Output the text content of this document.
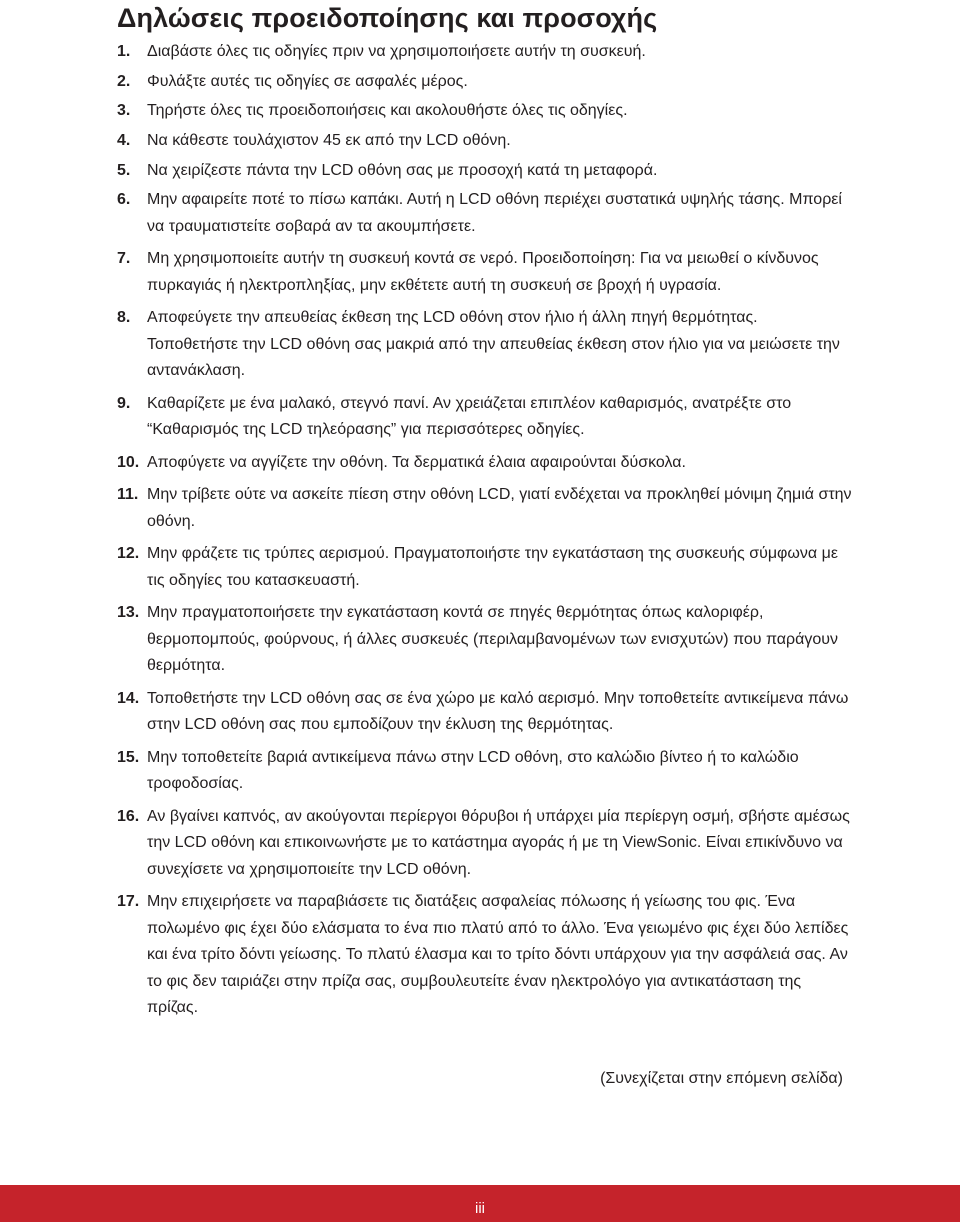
Δηλώσεις προειδοποίησης και προσοχής
1.	Διαβάστε όλες τις οδηγίες πριν να χρησιμοποιήσετε αυτήν τη συσκευή.
2.	Φυλάξτε αυτές τις οδηγίες σε ασφαλές μέρος.
3.	Τηρήστε όλες τις προειδοποιήσεις και ακολουθήστε όλες τις οδηγίες.
4.	Να κάθεστε τουλάχιστον 45 εκ από την LCD οθόνη.
5.	Να χειρίζεστε πάντα την LCD οθόνη σας με προσοχή κατά τη μεταφορά.
6.	Μην αφαιρείτε ποτέ το πίσω καπάκι. Αυτή η LCD οθόνη περιέχει συστατικά υψηλής τάσης. Μπορεί να τραυματιστείτε σοβαρά αν τα ακουμπήσετε.
7.	Μη χρησιμοποιείτε αυτήν τη συσκευή κοντά σε νερό. Προειδοποίηση: Για να μειωθεί ο κίνδυνος πυρκαγιάς ή ηλεκτροπληξίας, μην εκθέτετε αυτή τη συσκευή σε βροχή ή υγρασία.
8.	Αποφεύγετε την απευθείας έκθεση της LCD οθόνη στον ήλιο ή άλλη πηγή θερμότητας. Τοποθετήστε την LCD οθόνη σας μακριά από την απευθείας έκθεση στον ήλιο για να μειώσετε την αντανάκλαση.
9.	Καθαρίζετε με ένα μαλακό, στεγνό πανί. Αν χρειάζεται επιπλέον καθαρισμός, ανατρέξτε στο “Καθαρισμός της LCD τηλεόρασης” για περισσότερες οδηγίες.
10. Αποφύγετε να αγγίζετε την οθόνη. Τα δερματικά έλαια αφαιρούνται δύσκολα.
11. Μην τρίβετε ούτε να ασκείτε πίεση στην οθόνη LCD, γιατί ενδέχεται να προκληθεί μόνιμη ζημιά στην οθόνη.
12. Μην φράζετε τις τρύπες αερισμού. Πραγματοποιήστε την εγκατάσταση της συσκευής σύμφωνα με τις οδηγίες του κατασκευαστή.
13. Μην πραγματοποιήσετε την εγκατάσταση κοντά σε πηγές θερμότητας όπως καλοριφέρ, θερμοπομπούς, φούρνους, ή άλλες συσκευές (περιλαμβανομένων των ενισχυτών) που παράγουν θερμότητα.
14. Τοποθετήστε την LCD οθόνη σας σε ένα χώρο με καλό αερισμό. Μην τοποθετείτε αντικείμενα πάνω στην LCD οθόνη σας που εμποδίζουν την έκλυση της θερμότητας.
15. Μην τοποθετείτε βαριά αντικείμενα πάνω στην LCD οθόνη, στο καλώδιο βίντεο ή το καλώδιο τροφοδοσίας.
16. Αν βγαίνει καπνός, αν ακούγονται περίεργοι θόρυβοι ή υπάρχει μία περίεργη οσμή, σβήστε αμέσως την LCD οθόνη και επικοινωνήστε με το κατάστημα αγοράς ή με τη ViewSonic. Είναι επικίνδυνο να συνεχίσετε να χρησιμοποιείτε την LCD οθόνη.
17. Μην επιχειρήσετε να παραβιάσετε τις διατάξεις ασφαλείας πόλωσης ή γείωσης του φις. Ένα πολωμένο φις έχει δύο ελάσματα το ένα πιο πλατύ από το άλλο. Ένα γειωμένο φις έχει δύο λεπίδες και ένα τρίτο δόντι γείωσης. Το πλατύ έλασμα και το τρίτο δόντι υπάρχουν για την ασφάλειά σας. Αν το φις δεν ταιριάζει στην πρίζα σας, συμβουλευτείτε έναν ηλεκτρολόγο για αντικατάσταση της πρίζας.
(Συνεχίζεται στην επόμενη σελίδα)
iii
